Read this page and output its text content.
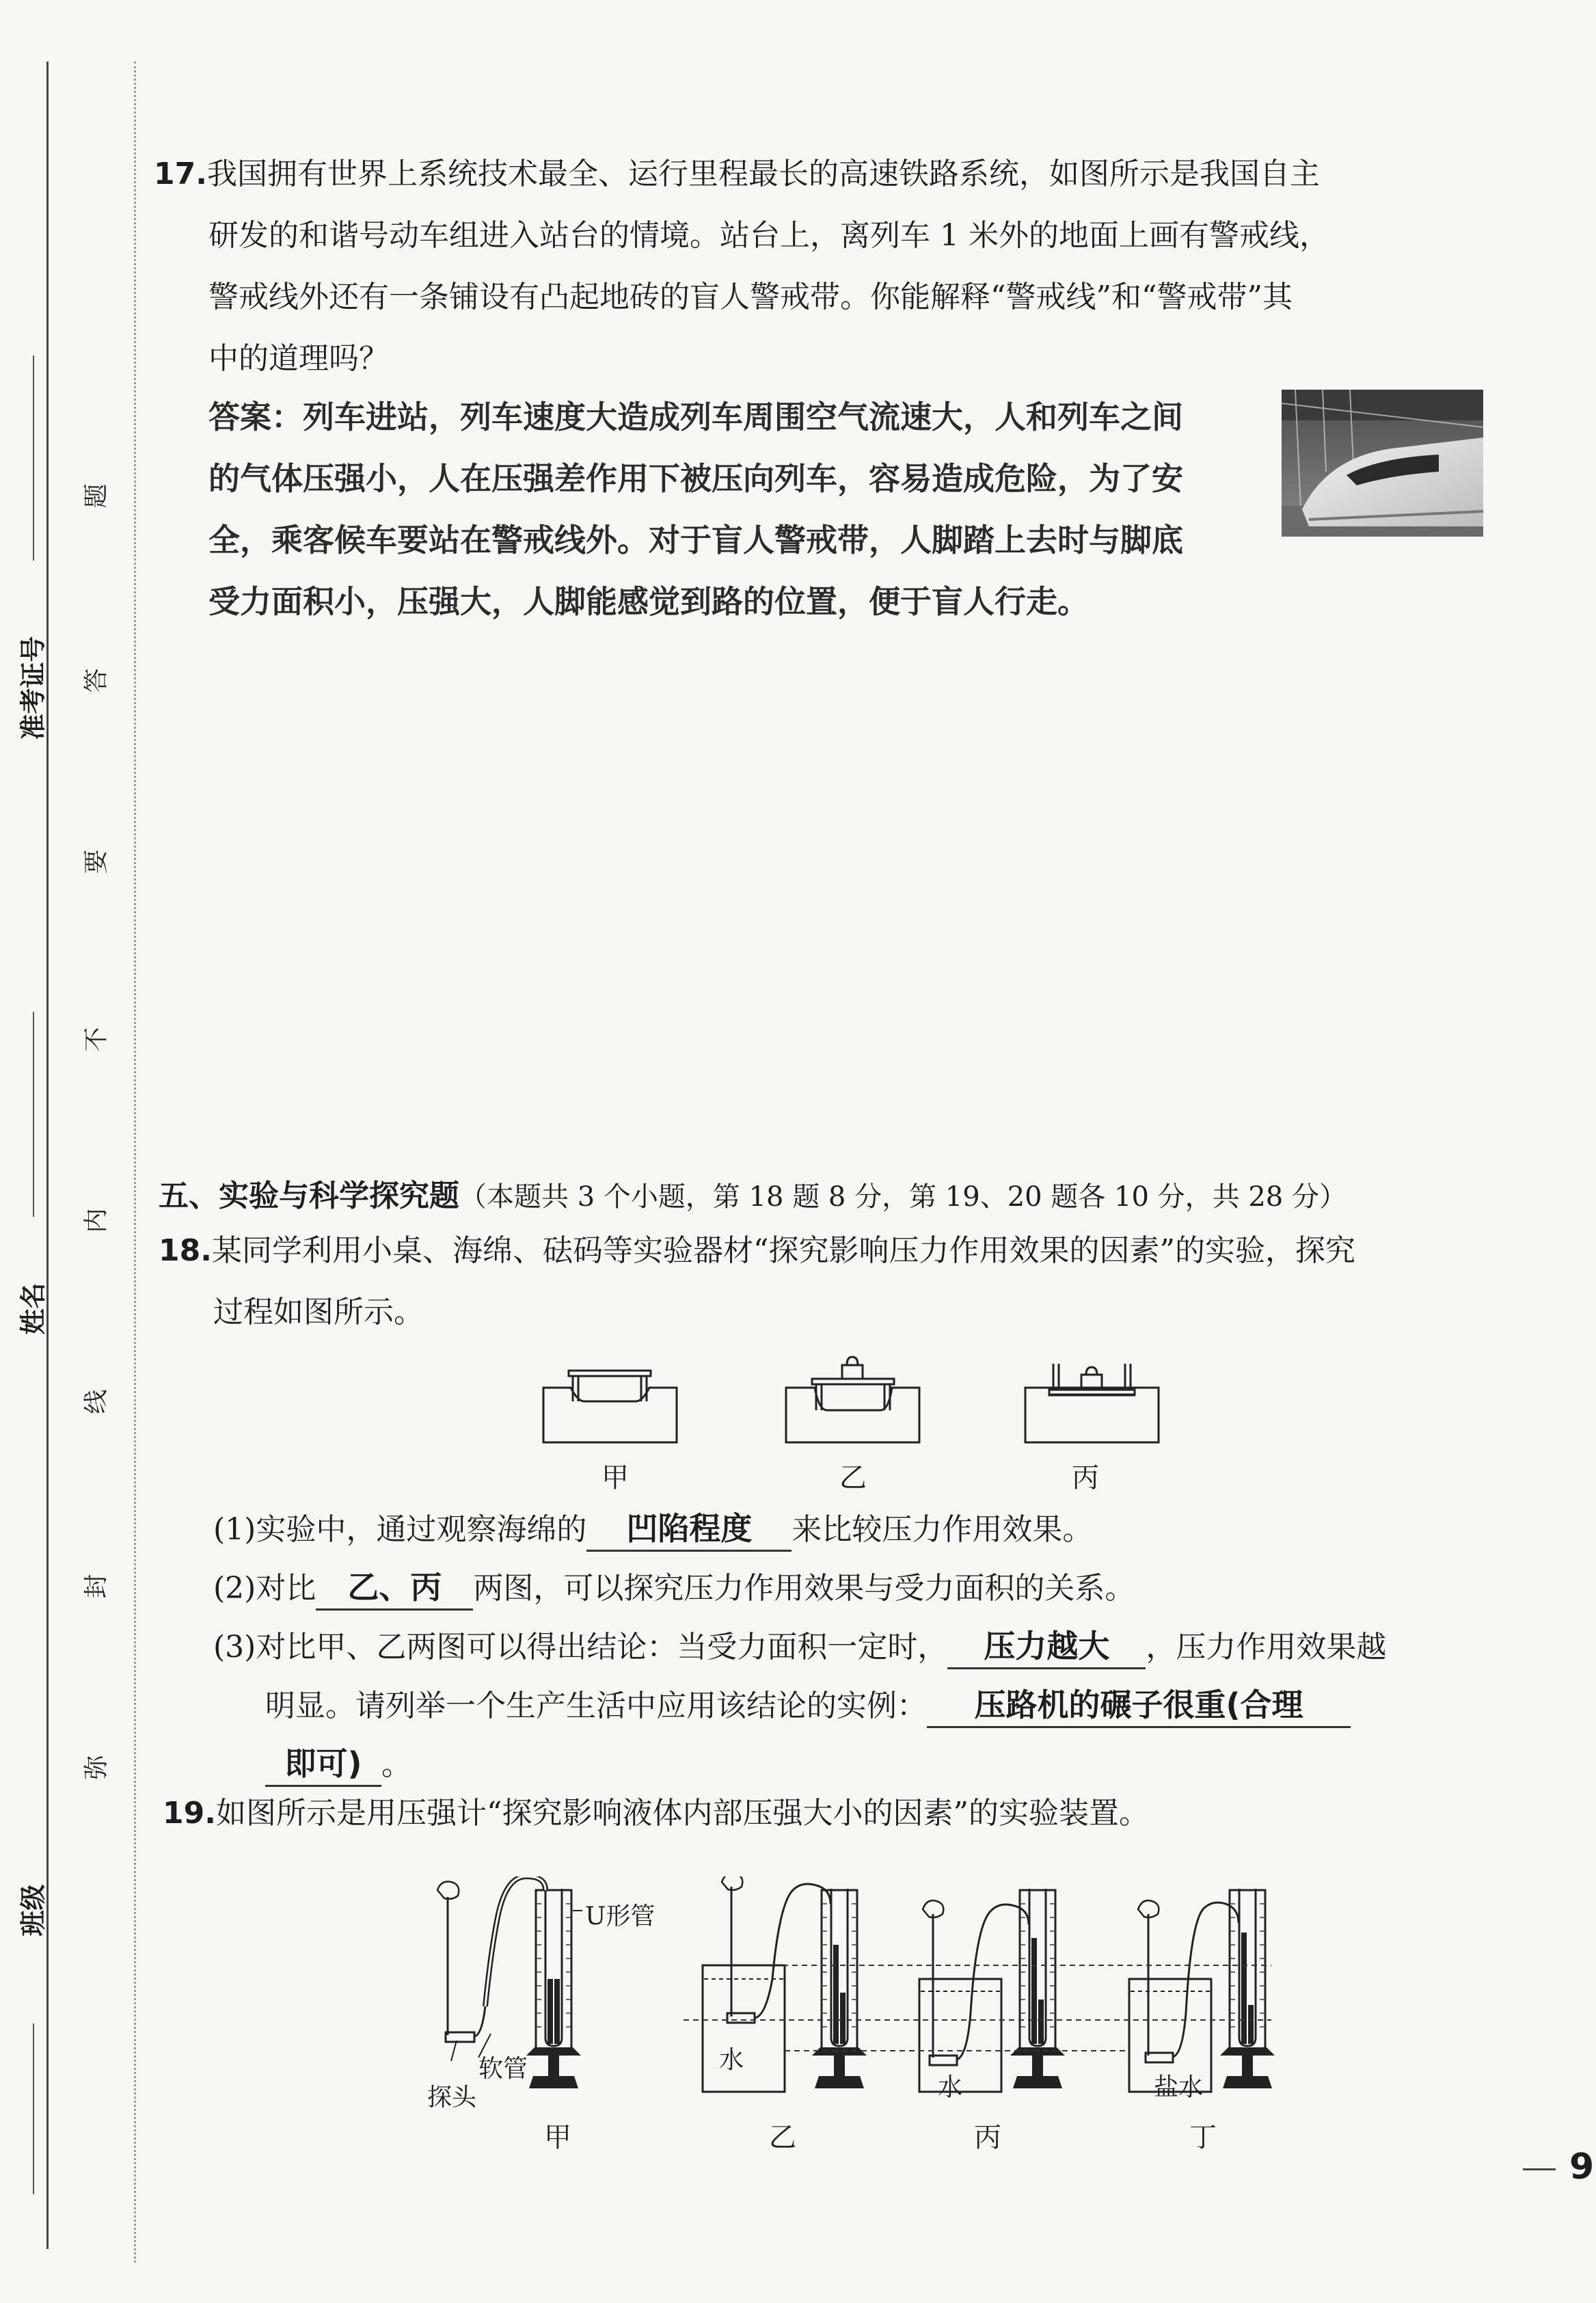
班级
姓名
准考证号
题
答
要
不
内
线
封
弥
17.我国拥有世界上系统技术最全、运行里程最长的高速铁路系统，如图所示是我国自主
研发的和谐号动车组进入站台的情境。站台上，离列车 1 米外的地面上画有警戒线，
警戒线外还有一条铺设有凸起地砖的盲人警戒带。你能解释“警戒线”和“警戒带”其
中的道理吗？
答案：列车进站，列车速度大造成列车周围空气流速大，人和列车之间
的气体压强小，人在压强差作用下被压向列车，容易造成危险，为了安
全，乘客候车要站在警戒线外。对于盲人警戒带，人脚踏上去时与脚底
受力面积小，压强大，人脚能感觉到路的位置，便于盲人行走。
五、实验与科学探究题（本题共 3 个小题，第 18 题 8 分，第 19、20 题各 10 分，共 28 分）
18.某同学利用小桌、海绵、砝码等实验器材“探究影响压力作用效果的因素”的实验，探究
过程如图所示。
甲	乙	丙
(1)实验中，通过观察海绵的 凹陷程度 来比较压力作用效果。
(2)对比 乙、丙 两图，可以探究压力作用效果与受力面积的关系。
(3)对比甲、乙两图可以得出结论：当受力面积一定时， 压力越大 ，压力作用效果越
明显。请列举一个生产生活中应用该结论的实例： 压路机的碾子很重(合理
即可) 。
19.如图所示是用压强计“探究影响液体内部压强大小的因素”的实验装置。
U形管
软管
探头
水
水	盐水
甲	乙	丙	丁
9
